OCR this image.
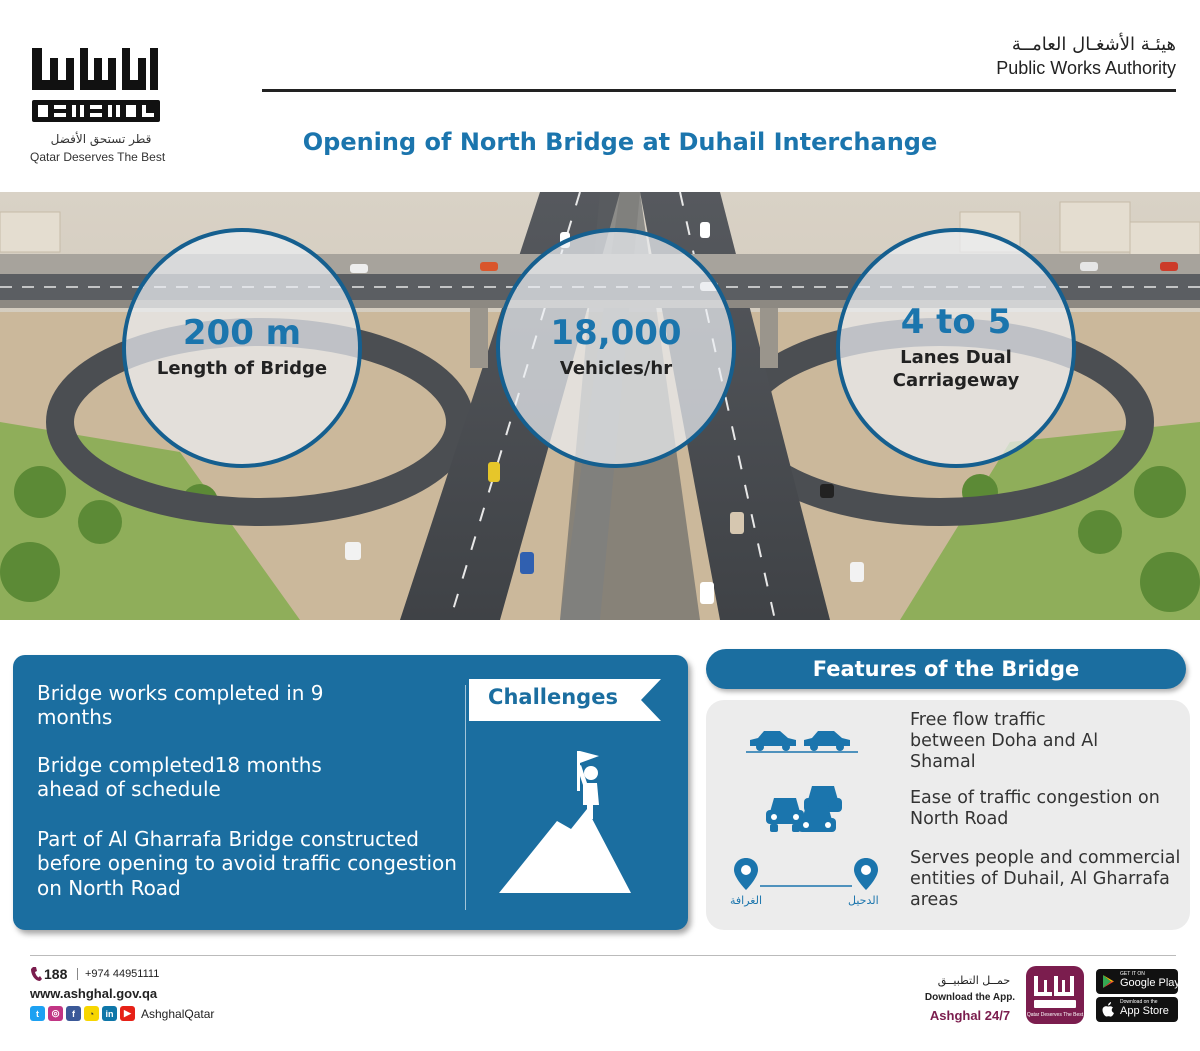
قطر تستحق الأفضل
Qatar Deserves The Best
هيئـة الأشغـال العامــة
Public Works Authority
Opening of North Bridge at Duhail Interchange
200 m
Length of Bridge
18,000
Vehicles/hr
4 to 5
Lanes Dual Carriageway
Bridge works completed in 9 months
Bridge completed18 months ahead of schedule
Part of Al Gharrafa Bridge constructed before opening to avoid traffic congestion on North Road
Challenges
Features of the Bridge
Free flow traffic between Doha and Al Shamal
Ease of traffic congestion on North Road
الغرافة	الدحيل
Serves people and commercial entities of Duhail, Al Gharrafa areas
188 +974 44951111
www.ashghal.gov.qa
t	◎	f	◔	in	▶ AshghalQatar
حمــل التطبيــق
Download the App.
Ashghal 24/7	Qatar Deserves The Best
GET IT ON
Google Play
Download on the
App Store
